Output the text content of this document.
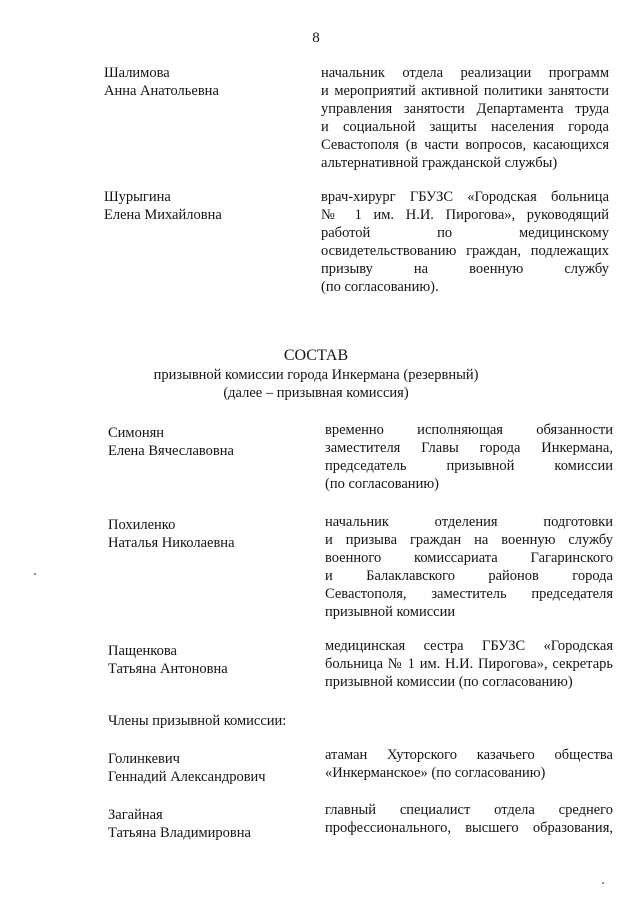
8
Шалимова
Анна Анатольевна
начальник отдела реализации программ
и мероприятий активной политики занятости
управления занятости Департамента труда
и социальной защиты населения города
Севастополя (в части вопросов, касающихся
альтернативной гражданской службы)
Шурыгина
Елена Михайловна
врач-хирург ГБУЗС «Городская больница
№ 1 им. Н.И. Пирогова», руководящий
работой по медицинскому
освидетельствованию граждан, подлежащих
призыву на военную службу
(по согласованию).
СОСТАВ
призывной комиссии города Инкермана (резервный)
(далее – призывная комиссия)
Симонян
Елена Вячеславовна
временно исполняющая обязанности
заместителя Главы города Инкермана,
председатель призывной комиссии
(по согласованию)
Похиленко
Наталья Николаевна
начальник отделения подготовки
и призыва граждан на военную службу
военного комиссариата Гагаринского
и Балаклавского районов города
Севастополя, заместитель председателя
призывной комиссии
Пащенкова
Татьяна Антоновна
медицинская сестра ГБУЗС «Городская
больница № 1 им. Н.И. Пирогова», секретарь
призывной комиссии (по согласованию)
Члены призывной комиссии:
Голинкевич
Геннадий Александрович
атаман Хуторского казачьего общества
«Инкерманское» (по согласованию)
Загайная
Татьяна Владимировна
главный специалист отдела среднего
профессионального, высшего образования,
